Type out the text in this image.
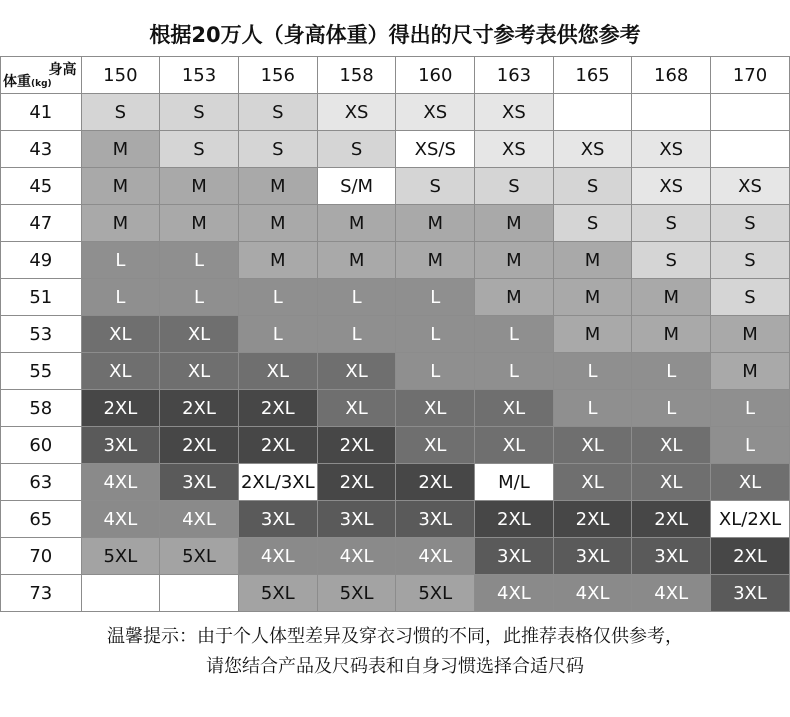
根据20万人（身高体重）得出的尺寸参考表供您参考
身高
体重(kg)	150	153	156	158	160	163	165	168	170
41	S	S	S	XS	XS	XS			
43	M	S	S	S	XS/S	XS	XS	XS	
45	M	M	M	S/M	S	S	S	XS	XS
47	M	M	M	M	M	M	S	S	S
49	L	L	M	M	M	M	M	S	S
51	L	L	L	L	L	M	M	M	S
53	XL	XL	L	L	L	L	M	M	M
55	XL	XL	XL	XL	L	L	L	L	M
58	2XL	2XL	2XL	XL	XL	XL	L	L	L
60	3XL	2XL	2XL	2XL	XL	XL	XL	XL	L
63	4XL	3XL	2XL/3XL	2XL	2XL	M/L	XL	XL	XL
65	4XL	4XL	3XL	3XL	3XL	2XL	2XL	2XL	XL/2XL
70	5XL	5XL	4XL	4XL	4XL	3XL	3XL	3XL	2XL
73			5XL	5XL	5XL	4XL	4XL	4XL	3XL
温馨提示：由于个人体型差异及穿衣习惯的不同，此推荐表格仅供参考，
请您结合产品及尺码表和自身习惯选择合适尺码
